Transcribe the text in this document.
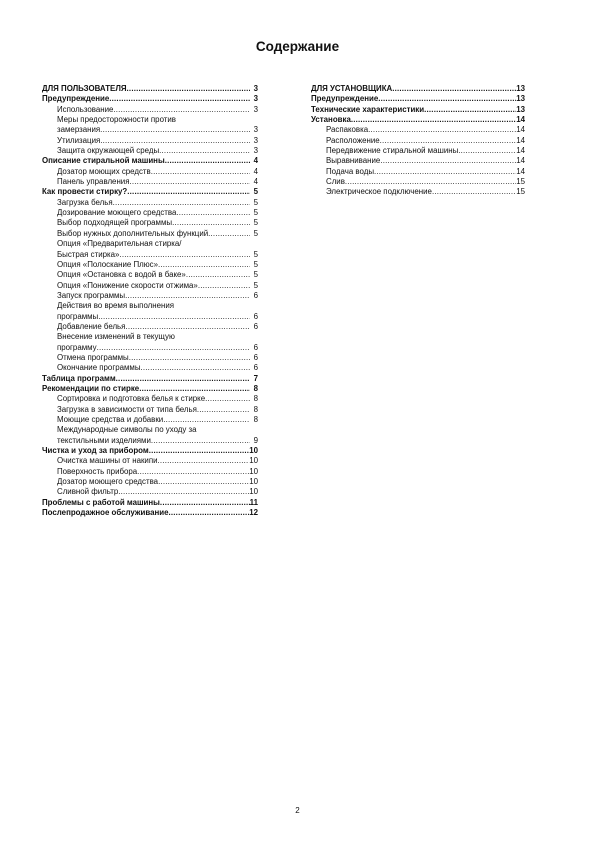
Содержание
ДЛЯ ПОЛЬЗОВАТЕЛЯ .....	3
Предупреждение .....	3
Использование .....	3
Меры предосторожности против
замерзания .....	3
Утилизация .....	3
Защита окружающей среды .....	3
Описание стиральной машины .....	4
Дозатор моющих средств .....	4
Панель управления .....	4
Как провести стирку? .....	5
Загрузка белья .....	5
Дозирование моющего средства .....	5
Выбор подходящей программы .....	5
Выбор нужных дополнительных функций .....	5
Опция «Предварительная стирка/
Быстрая стирка» .....	5
Опция «Полоскание Плюс» .....	5
Опция «Остановка с водой в баке» .....	5
Опция «Понижение скорости отжима» .....	5
Запуск программы .....	6
Действия во время выполнения
программы .....	6
Добавление белья .....	6
Внесение изменений в текущую
программу .....	6
Отмена программы .....	6
Окончание программы .....	6
Таблица программ .....	7
Рекомендации по стирке .....	8
Сортировка и подготовка белья к стирке .....	8
Загрузка в зависимости от типа белья .....	8
Моющие средства и добавки .....	8
Международные символы по уходу за
текстильными изделиями .....	9
Чистка и уход за прибором .....	10
Очистка машины от накипи .....	10
Поверхность прибора .....	10
Дозатор моющего средства .....	10
Сливной фильтр .....	10
Проблемы с работой машины .....	11
Послепродажное обслуживание .....	12
ДЛЯ УСТАНОВЩИКА .....	13
Предупреждение .....	13
Технические характеристики .....	13
Установка .....	14
Распаковка .....	14
Расположение .....	14
Передвижение стиральной машины .....	14
Выравнивание .....	14
Подача воды .....	14
Слив .....	15
Электрическое подключение .....	15
2
